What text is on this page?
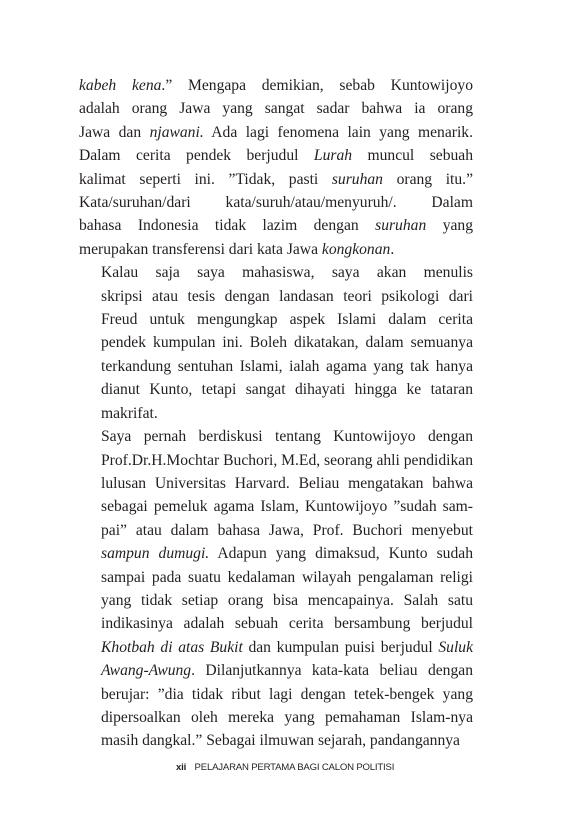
kabeh kena.” Mengapa demikian, sebab Kuntowijoyo
adalah orang Jawa yang sangat sadar bahwa ia orang
Jawa dan njawani. Ada lagi fenomena lain yang menarik.
Dalam cerita pendek berjudul Lurah muncul sebuah
kalimat seperti ini. ”Tidak, pasti suruhan orang itu.”
Kata/suruhan/dari kata/suruh/atau/menyuruh/. Dalam
bahasa Indonesia tidak lazim dengan suruhan yang
merupakan transferensi dari kata Jawa kongkonan.

Kalau saja saya mahasiswa, saya akan menulis
skripsi atau tesis dengan landasan teori psikologi dari
Freud untuk mengungkap aspek Islami dalam cerita
pendek kumpulan ini. Boleh dikatakan, dalam semuanya
terkandung sentuhan Islami, ialah agama yang tak hanya
dianut Kunto, tetapi sangat dihayati hingga ke tataran
makrifat.

Saya pernah berdiskusi tentang Kuntowijoyo dengan
Prof.Dr.H.Mochtar Buchori, M.Ed, seorang ahli pendidikan
lulusan Universitas Harvard. Beliau mengatakan bahwa
sebagai pemeluk agama Islam, Kuntowijoyo ”sudah sam-
pai” atau dalam bahasa Jawa, Prof. Buchori menyebut
sampun dumugi. Adapun yang dimaksud, Kunto sudah
sampai pada suatu kedalaman wilayah pengalaman religi
yang tidak setiap orang bisa mencapainya. Salah satu
indikasinya adalah sebuah cerita bersambung berjudul
Khotbah di atas Bukit dan kumpulan puisi berjudul Suluk
Awang-Awung. Dilanjutkannya kata-kata beliau dengan
berujar: ”dia tidak ribut lagi dengan tetek-bengek yang
dipersoalkan oleh mereka yang pemahaman Islam-nya
masih dangkal.” Sebagai ilmuwan sejarah, pandangannya

xii PELAJARAN PERTAMA BAGI CALON POLITISI
